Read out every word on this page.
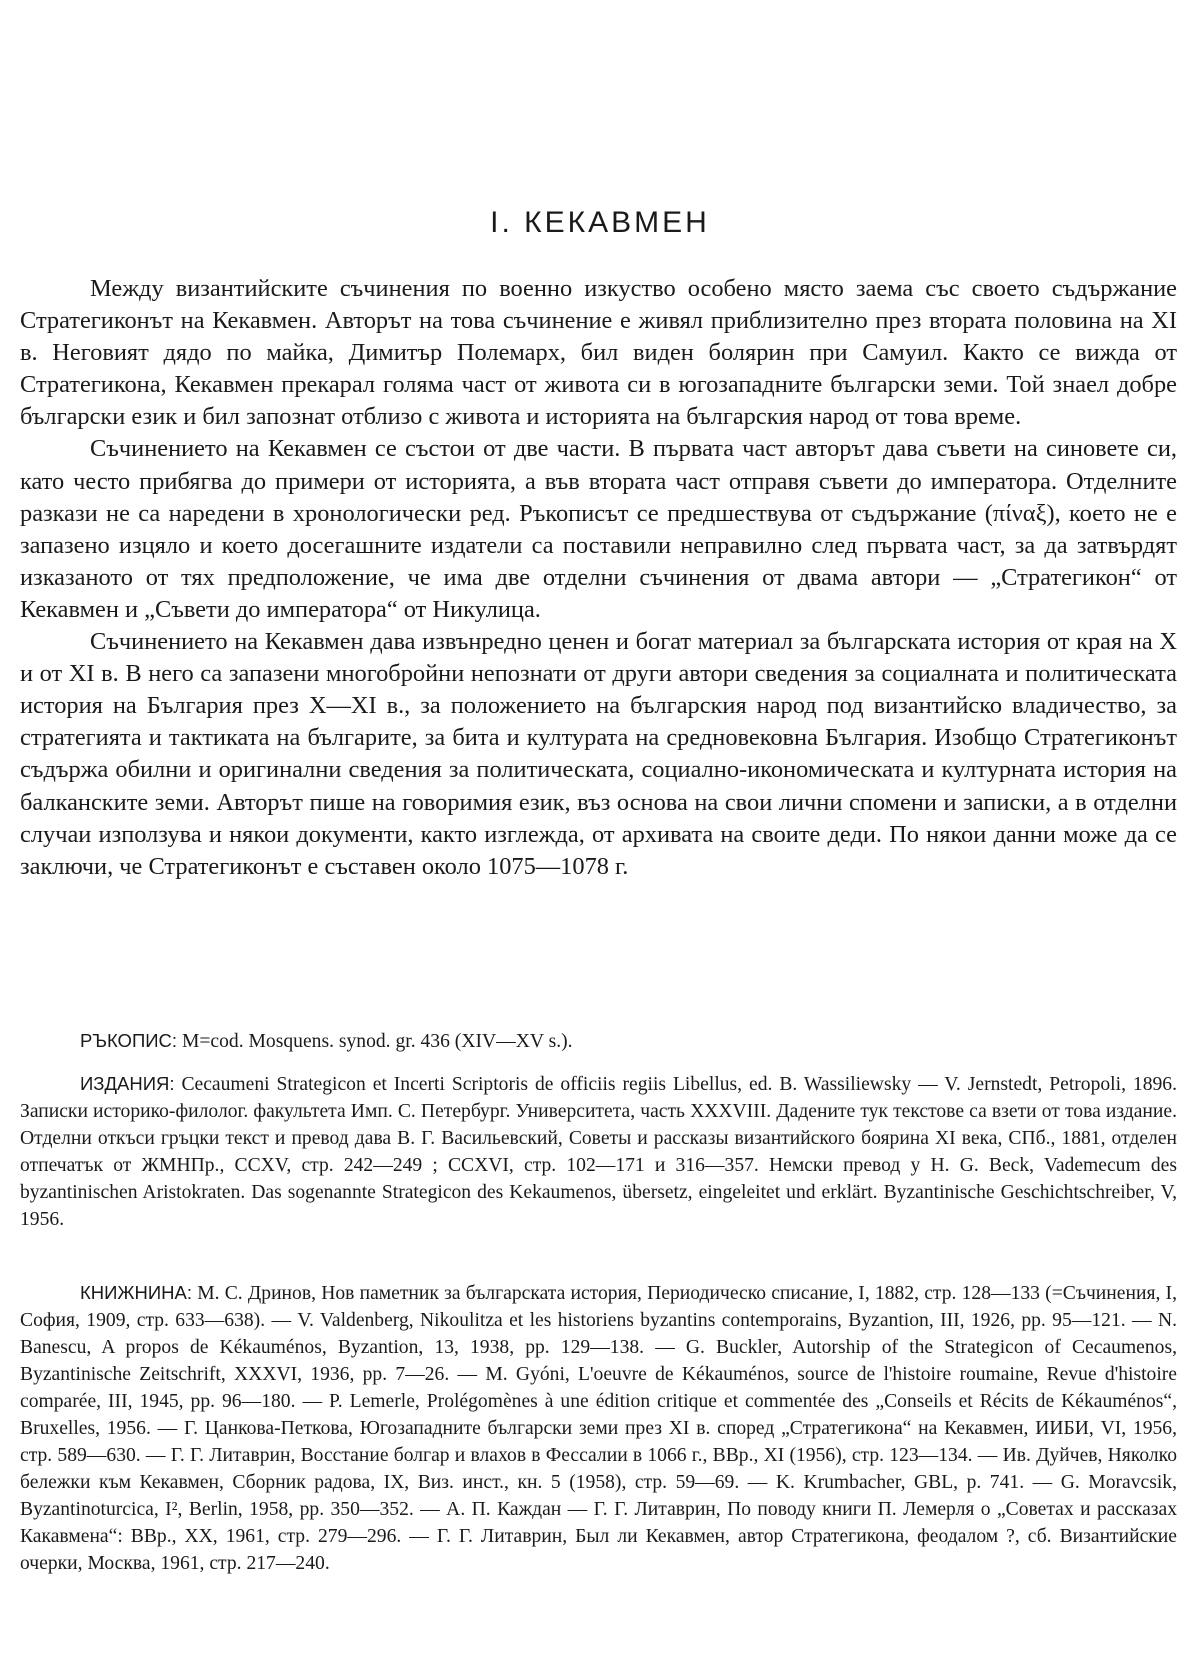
I. КЕКАВМЕН

Между византийските съчинения по военно изкуство особено място заема със своето съдържание Стратегиконът на Кекавмен. Авторът на това съчинение е живял приблизително през втората половина на XI в. Неговият дядо по майка, Димитър Полемарх, бил виден болярин при Самуил. Както се вижда от Стратегикона, Кекавмен прекарал голяма част от живота си в югозападните български земи. Той знаел добре български език и бил запознат отблизо с живота и историята на българския народ от това време.

Съчинението на Кекавмен се състои от две части. В първата част авторът дава съвети на синовете си, като често прибягва до примери от историята, а във втората част отправя съвети до императора. Отделните разкази не са наредени в хронологически ред. Ръкописът се предшествува от съдържание (πίναξ), което не е запазено изцяло и което досегашните издатели са поставили неправилно след първата част, за да затвърдят изказаното от тях предположение, че има две отделни съчинения от двама автори — „Стратегикон“ от Кекавмен и „Съвети до императора“ от Никулица.

Съчинението на Кекавмен дава извънредно ценен и богат материал за българската история от края на X и от XI в. В него са запазени многобройни непознати от други автори сведения за социалната и политическата история на България през X—XI в., за положението на българския народ под византийско владичество, за стратегията и тактиката на българите, за бита и културата на средновековна България. Изобщо Стратегиконът съдържа обилни и оригинални сведения за политическата, социално-икономическата и културната история на балканските земи. Авторът пише на говоримия език, въз основа на свои лични спомени и записки, а в отделни случаи използува и някои документи, както изглежда, от архивата на своите деди. По някои данни може да се заключи, че Стратегиконът е съставен около 1075—1078 г.

РЪКОПИС: M=cod. Mosquens. synod. gr. 436 (XIV—XV s.).

ИЗДАНИЯ: Cecaumeni Strategicon et Incerti Scriptoris de officiis regiis Libellus, ed. B. Wassiliewsky — V. Jernstedt, Petropoli, 1896. Записки историко-филолог. факультета Имп. С. Петербург. Университета, часть XXXVIII. Дадените тук текстове са взети от това издание. Отделни откъси гръцки текст и превод дава В. Г. Васильевский, Советы и рассказы византийского боярина XI века, СПб., 1881, отделен отпечатък от ЖМНПр., CCXV, стр. 242—249 ; CCXVI, стр. 102—171 и 316—357. Немски превод у H. G. Beck, Vademecum des byzantinischen Aristokraten. Das sogenannte Strategicon des Kekaumenos, übersetz, eingeleitet und erklärt. Byzantinische Geschichtschreiber, V, 1956.

КНИЖНИНА: М. С. Дринов, Нов паметник за българската история, Периодическо списание, I, 1882, стр. 128—133 (=Съчинения, I, София, 1909, стр. 633—638). — V. Valdenberg, Nikoulitza et les historiens byzantins contemporains, Byzantion, III, 1926, pp. 95—121. — N. Banescu, A propos de Kékauménos, Byzantion, 13, 1938, pp. 129—138. — G. Buckler, Autorship of the Strategicon of Cecaumenos, Byzantinische Zeitschrift, XXXVI, 1936, pp. 7—26. — M. Gyóni, L'oeuvre de Kékauménos, source de l'histoire roumaine, Revue d'histoire comparée, III, 1945, pp. 96—180. — P. Lemerle, Prolégomènes à une édition critique et commentée des „Conseils et Récits de Kékauménos“, Bruxelles, 1956. — Г. Цанкова-Петкова, Югозападните български земи през XI в. според „Стратегикона“ на Кекавмен, ИИБИ, VI, 1956, стр. 589—630. — Г. Г. Литаврин, Восстание болгар и влахов в Фессалии в 1066 г., ВВр., XI (1956), стр. 123—134. — Ив. Дуйчев, Няколко бележки към Кекавмен, Сборник радова, IX, Виз. инст., кн. 5 (1958), стр. 59—69. — K. Krumbacher, GBL, p. 741. — G. Moravcsik, Byzantinoturcica, I², Berlin, 1958, pp. 350—352. — А. П. Каждан — Г. Г. Литаврин, По поводу книги П. Лемерля о „Советах и рассказах Какавмена“: ВВр., XX, 1961, стр. 279—296. — Г. Г. Литаврин, Был ли Кекавмен, автор Стратегикона, феодалом ?, сб. Византийские очерки, Москва, 1961, стр. 217—240.
